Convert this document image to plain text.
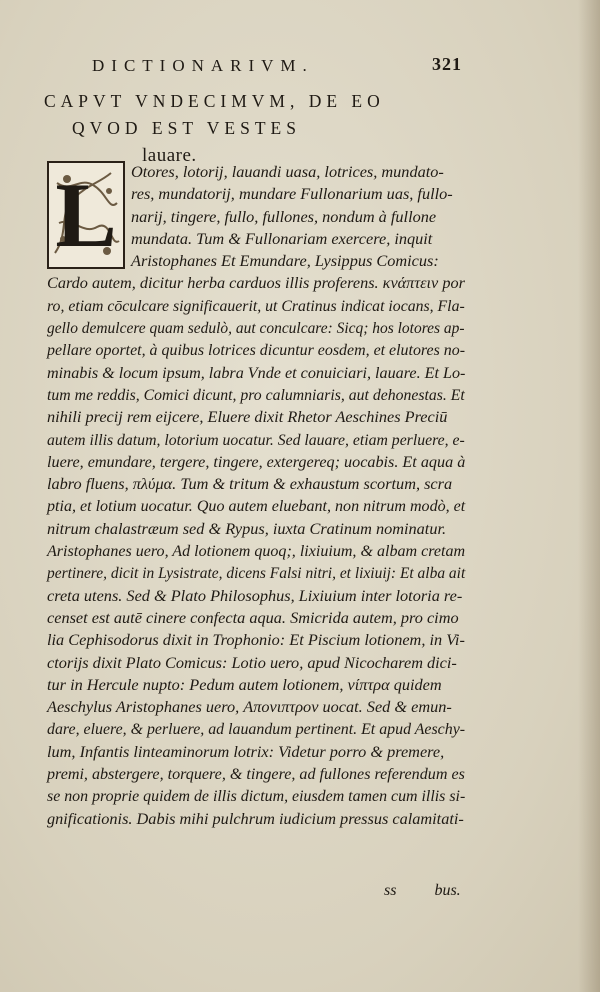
DICTIONARIVM.	321
CAPVT VNDECIMVM, DE EO
QVOD EST VESTES
lauare.
L Otores, lotorij, lauandi uasa, lotrices, mundato-
res, mundatorij, mundare Fullonarium uas, fullo-
narij, tingere, fullo, fullones, nondum à fullone
mundata. Tum & Fullonariam exercere, inquit
Aristophanes Et Emundare, Lysippus Comicus:
Cardo autem, dicitur herba carduos illis proferens. κνάπτειν por
ro, etiam cōculcare significauerit, ut Cratinus indicat iocans, Fla-
gello demulcere quam sedulò, aut conculcare: Sicq; hos lotores ap-
pellare oportet, à quibus lotrices dicuntur eosdem, et elutores no-
minabis & locum ipsum, labra Vnde et conuiciari, lauare. Et Lo-
tum me reddis, Comici dicunt, pro calumniaris, aut dehonestas. Et
nihili precij rem eijcere, Eluere dixit Rhetor Aeschines Preciū
autem illis datum, lotorium uocatur. Sed lauare, etiam perluere, e-
luere, emundare, tergere, tingere, extergereq; uocabis. Et aqua à
labro fluens, πλύμα. Tum & tritum & exhaustum scortum, scra
ptia, et lotium uocatur. Quo autem eluebant, non nitrum modò, et
nitrum chalastræum sed & Rypus, iuxta Cratinum nominatur.
Aristophanes uero, Ad lotionem quoq;, lixiuium, & albam cretam
pertinere, dicit in Lysistrate, dicens Falsi nitri, et lixiuij: Et alba ait
creta utens. Sed & Plato Philosophus, Lixiuium inter lotoria re-
censet est autē cinere confecta aqua. Smicrida autem, pro cimo
lia Cephisodorus dixit in Trophonio: Et Piscium lotionem, in Vi-
ctorijs dixit Plato Comicus: Lotio uero, apud Nicocharem dici-
tur in Hercule nupto: Pedum autem lotionem, νίπτρα quidem
Aeschylus Aristophanes uero, Απονιπτρον uocat. Sed & emun-
dare, eluere, & perluere, ad lauandum pertinent. Et apud Aeschy-
lum, Infantis linteaminorum lotrix: Videtur porro & premere,
premi, abstergere, torquere, & tingere, ad fullones referendum es
se non proprie quidem de illis dictum, eiusdem tamen cum illis si-
gnificationis. Dabis mihi pulchrum iudicium pressus calamitati-
ss bus.
